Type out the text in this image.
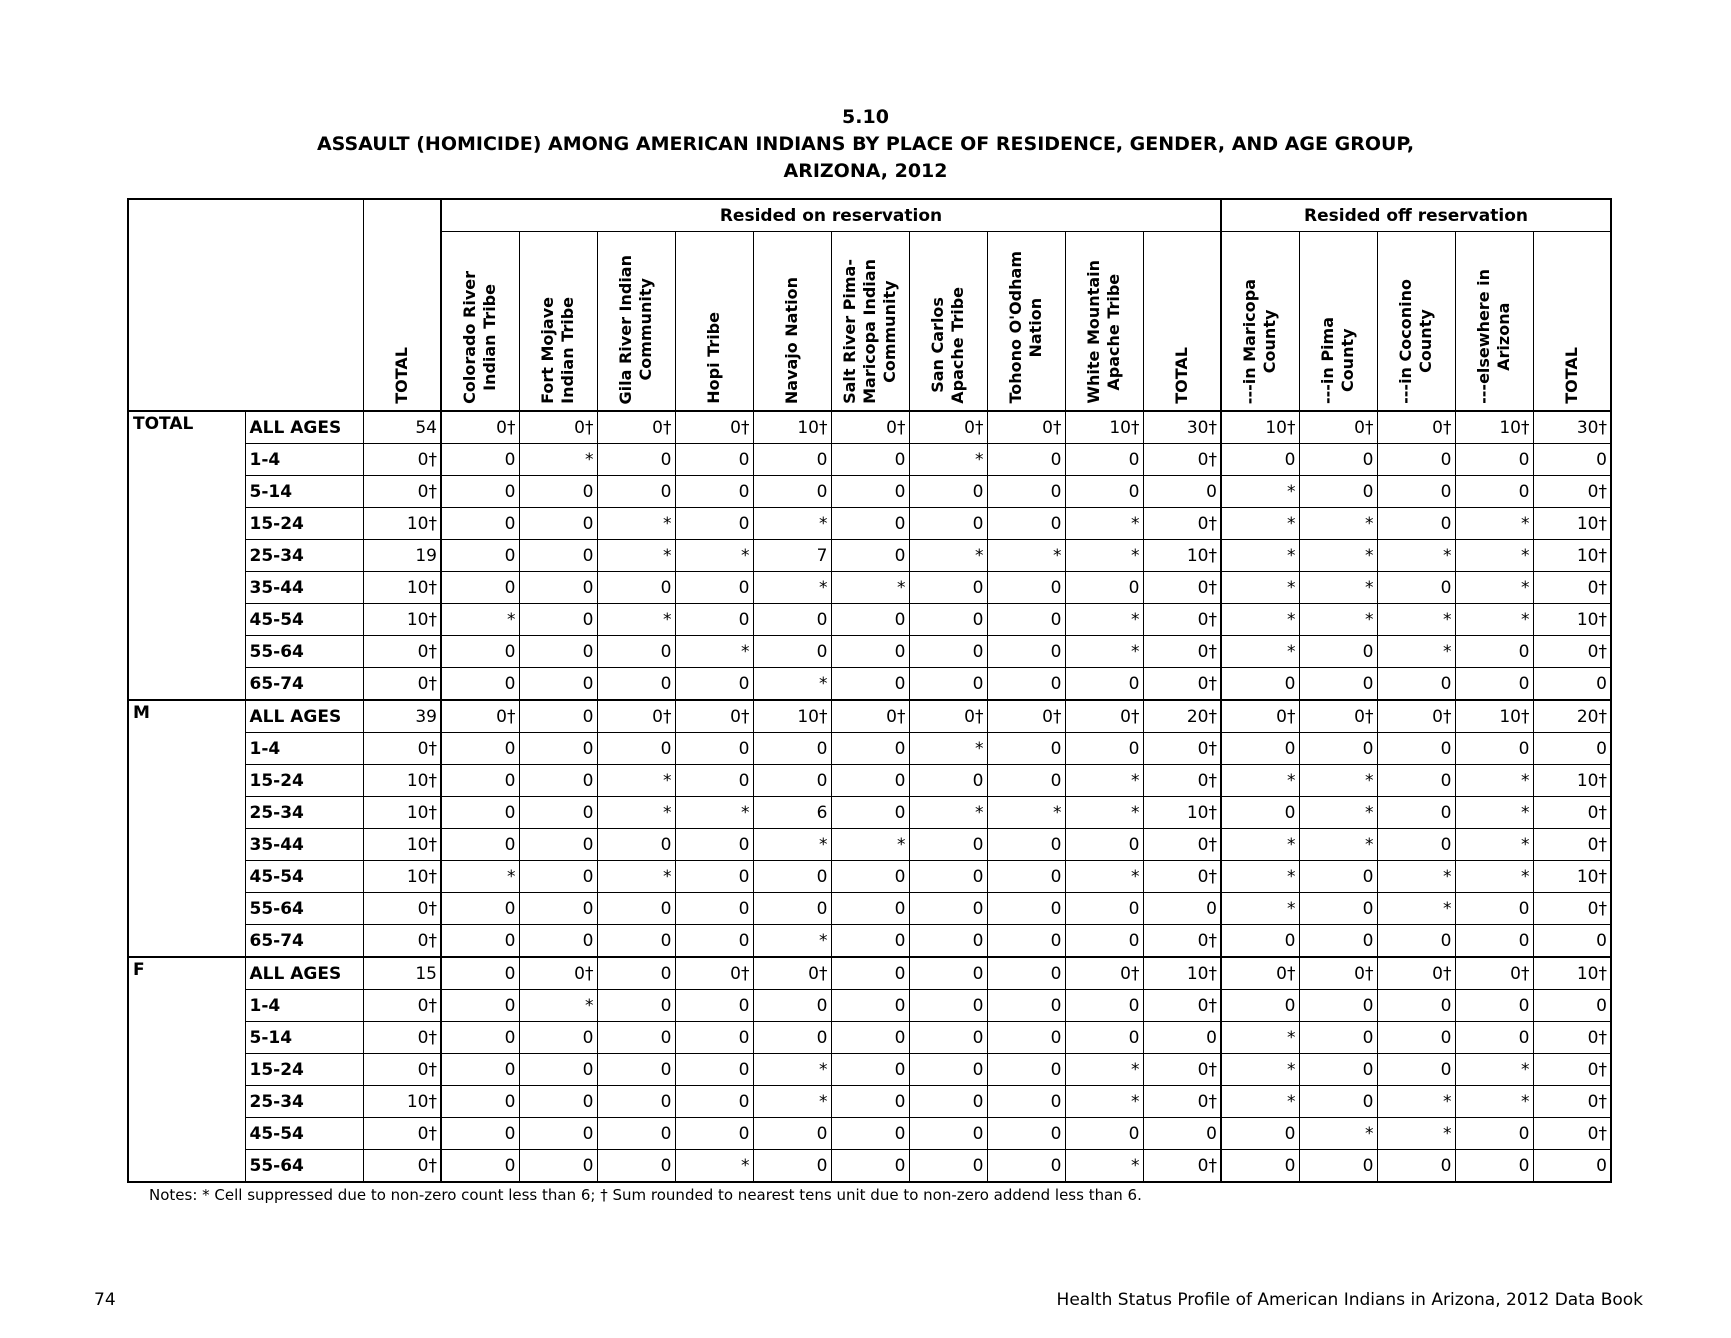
5.10
ASSAULT (HOMICIDE) AMONG AMERICAN INDIANS BY PLACE OF RESIDENCE, GENDER, AND AGE GROUP,
ARIZONA, 2012

		TOTAL	Resided on reservation										Resided off reservation				

			Colorado River
Indian Tribe	Fort Mojave
Indian Tribe	Gila River Indian
Community	Hopi Tribe	Navajo Nation	Salt River Pima-
Maricopa Indian
Community	San Carlos
Apache Tribe	Tohono O'Odham
Nation	White Mountain
Apache Tribe	TOTAL	---in Maricopa
County	---in Pima
County	---in Coconino
County	---elsewhere in
Arizona	TOTAL

TOTAL	ALL AGES	54	0†	0†	0†	0†	10†	0†	0†	0†	10†	30†	10†	0†	0†	10†	30†
	1-4	0†	0	*	0	0	0	0	*	0	0	0†	0	0	0	0	0
	5-14	0†	0	0	0	0	0	0	0	0	0	0	*	0	0	0	0†
	15-24	10†	0	0	*	0	*	0	0	0	*	0†	*	*	0	*	10†
	25-34	19	0	0	*	*	7	0	*	*	*	10†	*	*	*	*	10†
	35-44	10†	0	0	0	0	*	*	0	0	0	0†	*	*	0	*	0†
	45-54	10†	*	0	*	0	0	0	0	0	*	0†	*	*	*	*	10†
	55-64	0†	0	0	0	*	0	0	0	0	*	0†	*	0	*	0	0†
	65-74	0†	0	0	0	0	*	0	0	0	0	0†	0	0	0	0	0
M	ALL AGES	39	0†	0	0†	0†	10†	0†	0†	0†	0†	20†	0†	0†	0†	10†	20†
	1-4	0†	0	0	0	0	0	0	*	0	0	0†	0	0	0	0	0
	15-24	10†	0	0	*	0	0	0	0	0	*	0†	*	*	0	*	10†
	25-34	10†	0	0	*	*	6	0	*	*	*	10†	0	*	0	*	0†
	35-44	10†	0	0	0	0	*	*	0	0	0	0†	*	*	0	*	0†
	45-54	10†	*	0	*	0	0	0	0	0	*	0†	*	0	*	*	10†
	55-64	0†	0	0	0	0	0	0	0	0	0	0	*	0	*	0	0†
	65-74	0†	0	0	0	0	*	0	0	0	0	0†	0	0	0	0	0
F	ALL AGES	15	0	0†	0	0†	0†	0	0	0	0†	10†	0†	0†	0†	0†	10†
	1-4	0†	0	*	0	0	0	0	0	0	0	0†	0	0	0	0	0
	5-14	0†	0	0	0	0	0	0	0	0	0	0	*	0	0	0	0†
	15-24	0†	0	0	0	0	*	0	0	0	*	0†	*	0	0	*	0†
	25-34	10†	0	0	0	0	*	0	0	0	*	0†	*	0	*	*	0†
	45-54	0†	0	0	0	0	0	0	0	0	0	0	0	*	*	0	0†
	55-64	0†	0	0	0	*	0	0	0	0	*	0†	0	0	0	0	0
Notes: * Cell suppressed due to non-zero count less than 6; † Sum rounded to nearest tens unit due to non-zero addend less than 6.
74	Health Status Profile of American Indians in Arizona, 2012 Data Book
